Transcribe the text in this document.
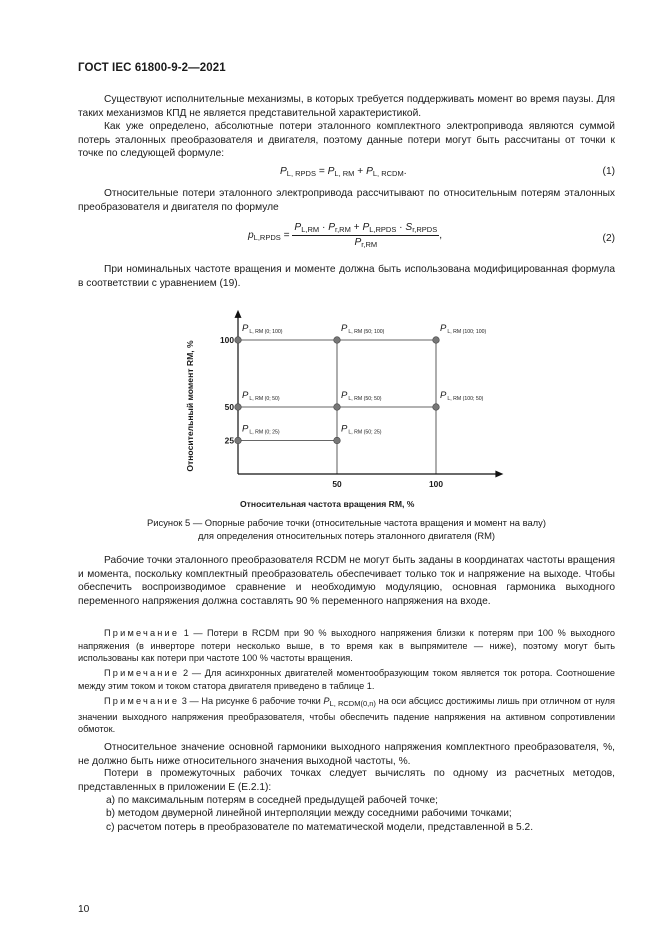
ГОСТ IEC 61800-9-2—2021
Существуют исполнительные механизмы, в которых требуется поддерживать момент во время паузы. Для таких механизмов КПД не является представительной характеристикой.
Как уже определено, абсолютные потери эталонного комплектного электропривода являются суммой потерь эталонных преобразователя и двигателя, поэтому данные потери могут быть рассчитаны от точки к точке по следующей формуле:
$P_{L, RPDS} = P_{L, RM} + P_{L, RCDM}$.	(1)
Относительные потери эталонного электропривода рассчитывают по относительным потерям эталонных преобразователя и двигателя по формуле
$p_{L,RPDS} = \frac{P_{L,RM} \cdot P_{r,RM} + P_{L,RPDS} \cdot S_{r,RPDS}}{P_{r,RM}}$ ,	(2)
При номинальных частоте вращения и моменте должна быть использована модифицированная формула в соответствии с уравнением (19).
50	100
100
50
25
PL, RM (0; 100)	PL, RM (50; 100)	PL, RM (100; 100)
PL, RM (0; 50)	PL, RM (50; 50)	PL, RM (100; 50)
PL, RM (0; 25)	PL, RM (50; 25)
Относительный момент RM, %
Относительная частота вращения RM, %
Рисунок 5 — Опорные рабочие точки (относительные частота вращения и момент на валу)
для определения относительных потерь эталонного двигателя (RM)
Рабочие точки эталонного преобразователя RCDM не могут быть заданы в координатах частоты вращения и момента, поскольку комплектный преобразователь обеспечивает только ток и напряжение на выходе. Чтобы обеспечить воспроизводимое сравнение и необходимую модуляцию, основная гармоника выходного переменного напряжения должна составлять 90 % переменного напряжения на входе.
Примечание 1 — Потери в RCDM при 90 % выходного напряжения близки к потерям при 100 % выходного напряжения (в инверторе потери несколько выше, в то время как в выпрямителе — ниже), поэтому могут быть использованы как потери при частоте 100 % частоты вращения.
Примечание 2 — Для асинхронных двигателей моментообразующим током является ток ротора. Соотношение между этим током и током статора двигателя приведено в таблице 1.
Примечание 3 — На рисунке 6 рабочие точки $P_{L, RCDM(0,n)}$ на оси абсцисс достижимы лишь при отличном от нуля значении выходного напряжения преобразователя, чтобы обеспечить падение напряжения на активном сопротивлении обмоток.
Относительное значение основной гармоники выходного напряжения комплектного преобразователя, %, не должно быть ниже относительного значения выходной частоты, %.
Потери в промежуточных рабочих точках следует вычислять по одному из расчетных методов, представленных в приложении Е (Е.2.1):
а) по максимальным потерям в соседней предыдущей рабочей точке;
b) методом двумерной линейной интерполяции между соседними рабочими точками;
с) расчетом потерь в преобразователе по математической модели, представленной в 5.2.
10
